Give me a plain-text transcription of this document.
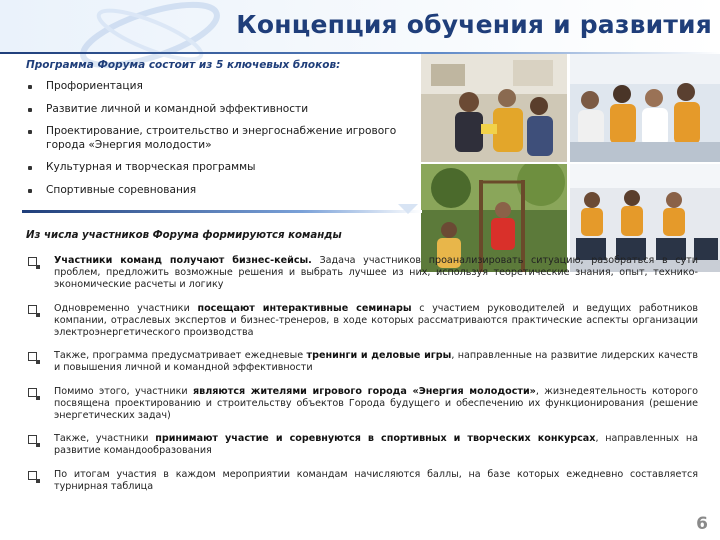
Концепция обучения и развития
Программа Форума состоит из 5 ключевых блоков:
Профориентация
Развитие личной и командной эффективности
Проектирование, строительство и энергоснабжение игрового города «Энергия молодости»
Культурная и творческая программы
Спортивные соревнования
Из числа участников Форума формируются команды
Участники команд получают бизнес-кейсы. Задача участников проанализировать ситуацию, разобраться в сути проблем, предложить возможные решения и выбрать лучшее из них, используя теоретические знания, опыт, технико-экономические расчеты и логику
Одновременно участники посещают интерактивные семинары с участием руководителей и ведущих работников компании, отраслевых экспертов и бизнес-тренеров, в ходе которых рассматриваются практические аспекты организации электроэнергетического производства
Также, программа предусматривает ежедневые тренинги и деловые игры, направленные на развитие лидерских качеств и повышения личной и командной эффективности
Помимо этого, участники являются жителями игрового города «Энергия молодости», жизнедеятельность которого посвящена проектированию и строительству объектов Города будущего и обеспечению их функционирования (решение энергетических задач)
Также, участники принимают участие и соревнуются в спортивных и творческих конкурсах, направленных на развитие командообразования
По итогам участия в каждом мероприятии командам начисляются баллы, на базе которых ежедневно составляется турнирная таблица
6
